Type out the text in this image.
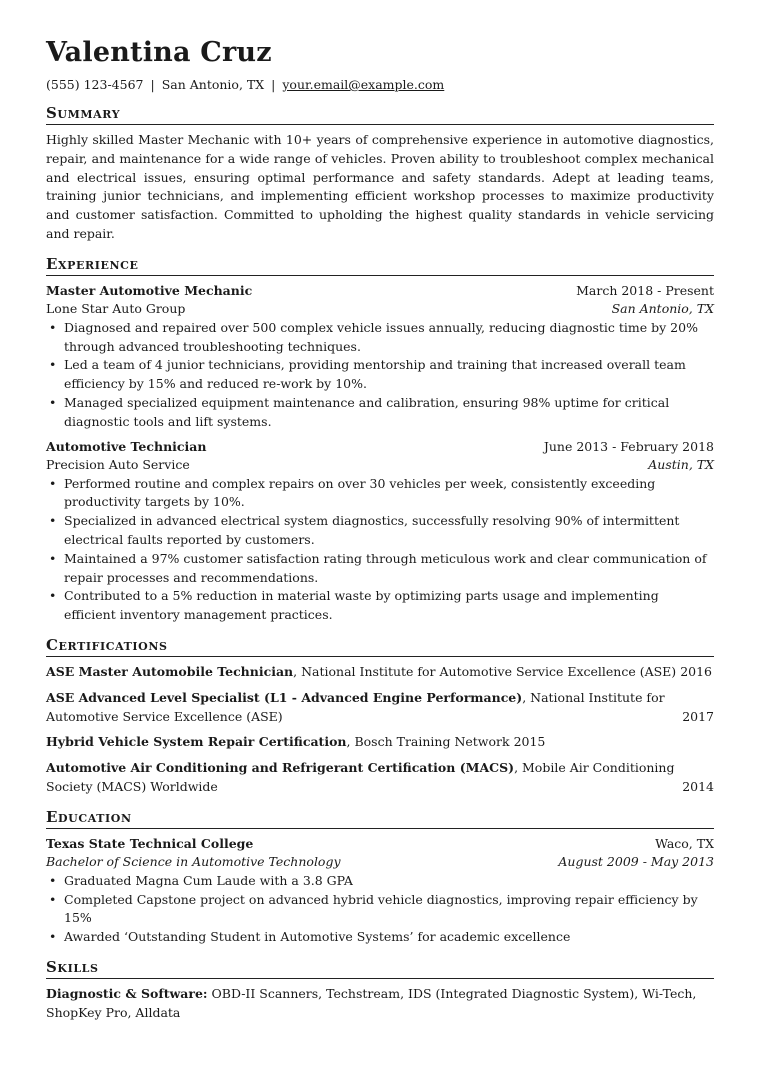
Valentina Cruz
(555) 123-4567 | San Antonio, TX | your.email@example.com
Summary

Highly skilled Master Mechanic with 10+ years of comprehensive experience in automotive diagnostics, repair, and maintenance for a wide range of vehicles. Proven ability to troubleshoot complex mechanical and electrical issues, ensuring optimal performance and safety standards. Adept at leading teams, training junior technicians, and implementing efficient workshop processes to maximize productivity and customer satisfaction. Committed to upholding the highest quality standards in vehicle servicing and repair.

Experience
Master Automotive Mechanic	March 2018 - Present
Lone Star Auto Group	San Antonio, TX
• Diagnosed and repaired over 500 complex vehicle issues annually, reducing diagnostic time by 20% through advanced troubleshooting techniques.
• Led a team of 4 junior technicians, providing mentorship and training that increased overall team efficiency by 15% and reduced re-work by 10%.
• Managed specialized equipment maintenance and calibration, ensuring 98% uptime for critical diagnostic tools and lift systems.
Automotive Technician	June 2013 - February 2018
Precision Auto Service	Austin, TX
• Performed routine and complex repairs on over 30 vehicles per week, consistently exceeding productivity targets by 10%.
• Specialized in advanced electrical system diagnostics, successfully resolving 90% of intermittent electrical faults reported by customers.
• Maintained a 97% customer satisfaction rating through meticulous work and clear communication of repair processes and recommendations.
• Contributed to a 5% reduction in material waste by optimizing parts usage and implementing efficient inventory management practices.
Certifications
ASE Master Automobile Technician, National Institute for Automotive Service Excellence (ASE) 2016
ASE Advanced Level Specialist (L1 - Advanced Engine Performance), National Institute for Automotive Service Excellence (ASE)	2017
Hybrid Vehicle System Repair Certification, Bosch Training Network 2015
Automotive Air Conditioning and Refrigerant Certification (MACS), Mobile Air Conditioning Society (MACS) Worldwide	2014
Education
Texas State Technical College	Waco, TX
Bachelor of Science in Automotive Technology	August 2009 - May 2013
• Graduated Magna Cum Laude with a 3.8 GPA
• Completed Capstone project on advanced hybrid vehicle diagnostics, improving repair efficiency by 15%
• Awarded ‘Outstanding Student in Automotive Systems’ for academic excellence
Skills
Diagnostic & Software: OBD-II Scanners, Techstream, IDS (Integrated Diagnostic System), Wi-Tech, ShopKey Pro, Alldata
